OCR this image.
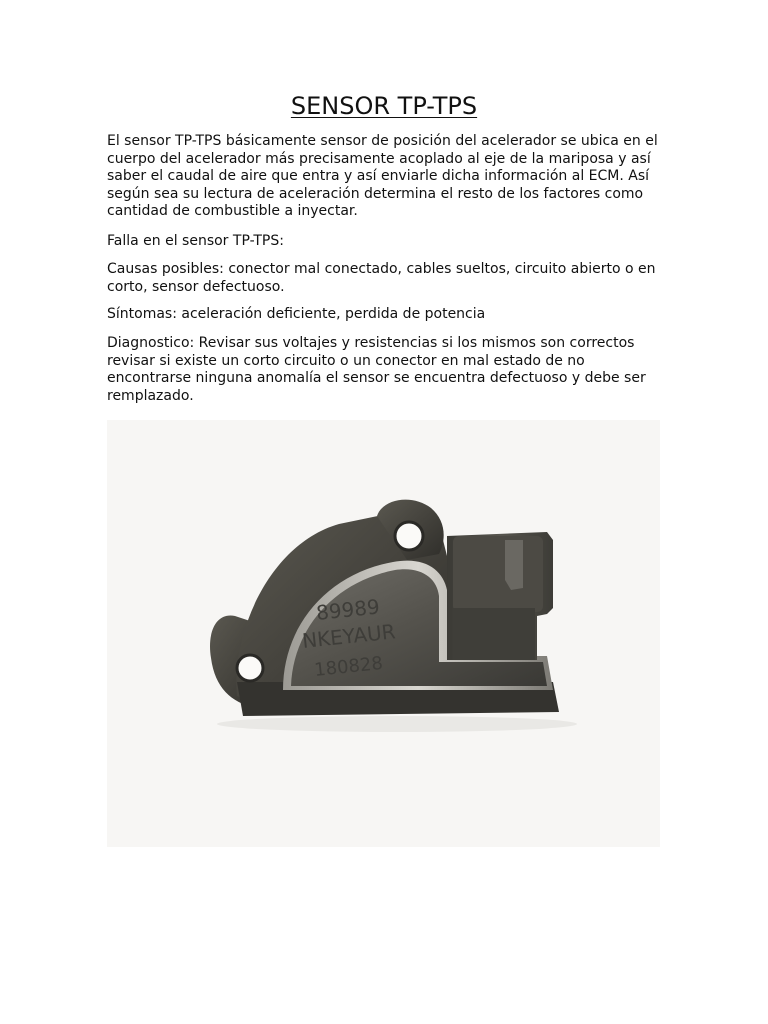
SENSOR TP-TPS

El sensor TP-TPS básicamente sensor de posición del acelerador se ubica en el cuerpo del acelerador más precisamente acoplado al eje de la mariposa y así saber el caudal de aire que entra y así enviarle dicha información al ECM. Así según sea su lectura de aceleración determina el resto de los factores como cantidad de combustible a inyectar.

Falla en el sensor TP-TPS:

Causas posibles: conector mal conectado, cables sueltos, circuito abierto o en corto, sensor defectuoso.

Síntomas: aceleración deficiente, perdida de potencia

Diagnostico: Revisar sus voltajes y resistencias si los mismos son correctos revisar si existe un corto circuito o un conector en mal estado de no encontrarse ninguna anomalía el sensor se encuentra defectuoso y debe ser remplazado.

89989
NKEYAUR
180828
